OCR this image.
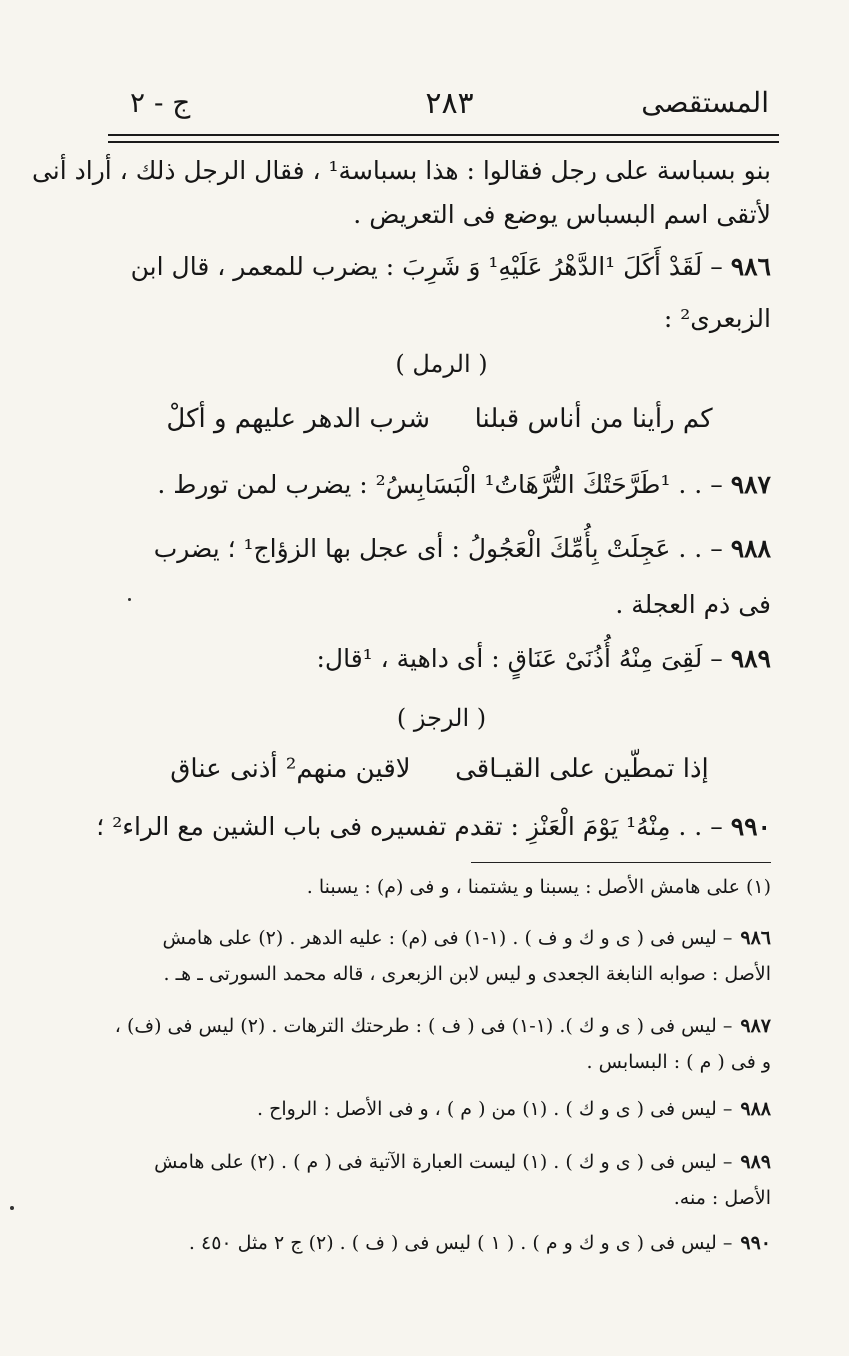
المستقصى
٢٨٣
ج - ٢
بنو بسباسة على رجل فقالوا : هذا بسباسة¹ ، فقال الرجل ذلك ، أراد أنى
لأتقى اسم البسباس يوضع فى التعريض .
٩٨٦– لَقَدْ أَكَلَ ¹الدَّهْرُ عَلَيْهِ¹ وَ شَرِبَ : يضرب للمعمر ، قال ابن
الزبعرى² :
( الرمل )
كم رأينا من أناس قبلنا  شرب الدهر عليهم و أكلْ
٩٨٧– . . ¹طَرَّحَتْكَ التُّرَّهَاتُ¹ الْبَسَابِسُ² : يضرب لمن تورط .
٩٨٨– . . عَجِلَتْ بِأُمِّكَ الْعَجُولُ : أى عجل بها الزؤاج¹ ؛ يضرب
فى ذم العجلة .
٩٨٩– لَقِىَ مِنْهُ أُذُنَىْ عَنَاقٍ : أى داهية ، ¹قال:
( الرجز )
إذا تمطّين على القيـاقى  لاقين منهم² أذنى عناق
٩٩٠– . . مِنْهُ¹ يَوْمَ الْعَنْزِ : تقدم تفسيره فى باب الشين مع الراء² ؛
(١) على هامش الأصل : يسبنا و يشتمنا ، و فى (م) : يسبنا .
٩٨٦– ليس فى ( ى و ك و ف ) . (١-١) فى (م) : عليه الدهر . (٢) على هامش الأصل : صوابه النابغة الجعدى و ليس لابن الزبعرى ، قاله محمد السورتى ـ هـ .
٩٨٧– ليس فى ( ى و ك ). (١-١) فى ( ف ) : طرحتك الترهات . (٢) ليس فى (ف) ، و فى ( م ) : البسابس .
٩٨٨– ليس فى ( ى و ك ) . (١) من ( م ) ، و فى الأصل : الرواح .
٩٨٩– ليس فى ( ى و ك ) . (١) ليست العبارة الآتية فى ( م ) . (٢) على هامش الأصل : منه.
٩٩٠– ليس فى ( ى و ك و م ) . ( ١ ) ليس فى ( ف ) . (٢) ج ٢ مثل ٤٥٠ .
